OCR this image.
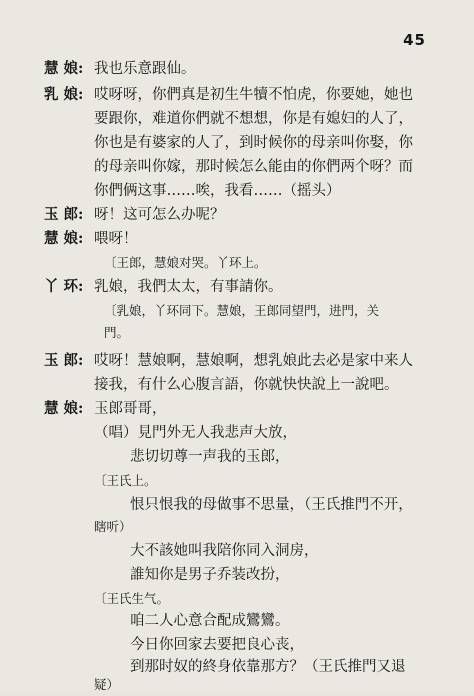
45
慧 娘: 我也乐意跟仙。
乳 娘: 哎呀呀，你們真是初生牛犢不怕虎，你要她，她也
要跟你，难道你們就不想想，你是有媳妇的人了，
你也是有婆家的人了，到时候你的母亲叫你娶，你
的母亲叫你嫁，那时候怎么能由的你們两个呀？而
你們俩这事……唉，我看……（摇头）
玉 郎: 呀！这可怎么办呢？
慧 娘: 喂呀！
〔王郎，慧娘对哭。丫环上。
丫 环: 乳娘，我們太太，有事請你。
〔乳娘，丫环同下。慧娘，王郎同望門，进門，关
門。
玉 郎: 哎呀！慧娘啊，慧娘啊，想乳娘此去必是家中来人
接我，有什么心腹言語，你就快快說上一說吧。
慧 娘: 玉郎哥哥，
（唱）見門外无人我悲声大放，
悲切切尊一声我的玉郎，
〔王氏上。
恨只恨我的母做事不思量，（王氏推門不开，
瞎听）
大不該她叫我陪你同入洞房，
誰知你是男子乔装改扮，
〔王氏生气。
咱二人心意合配成鸞鸞。
今日你回家去要把良心丧，
到那时奴的終身依靠那方？（王氏推門又退
疑）
